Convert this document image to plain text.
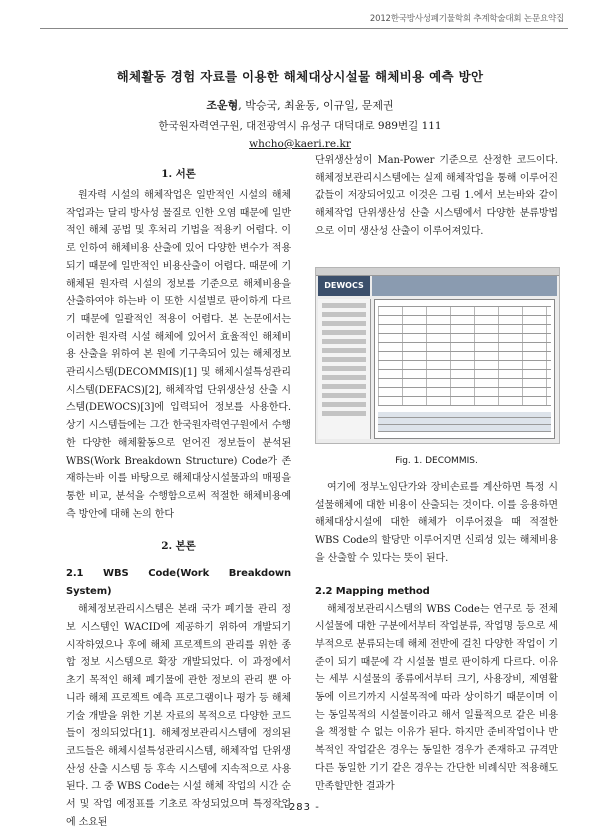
2012한국방사성폐기물학회 추계학술대회 논문요약집
해체활동 경험 자료를 이용한 해체대상시설물 해체비용 예측 방안
조운형, 박승국, 최윤동, 이규일, 문제권
한국원자력연구원, 대전광역시 유성구 대덕대로 989번길 111
whcho@kaeri.re.kr
1. 서론

원자력 시설의 해체작업은 일반적인 시설의 해체작업과는 달리 방사성 물질로 인한 오염 때문에 일반적인 해체 공법 및 후처리 기법을 적용키 어렵다. 이로 인하여 해체비용 산출에 있어 다양한 변수가 적용되기 때문에 일반적인 비용산출이 어렵다. 때문에 기해체된 원자력 시설의 정보를 기준으로 해체비용을 산출하여야 하는바 이 또한 시설별로 판이하게 다르기 때문에 일괄적인 적용이 어렵다. 본 논문에서는 이러한 원자력 시설 해체에 있어서 효율적인 해체비용 산출을 위하여 본 원에 기구축되어 있는 해체정보관리시스템(DECOMMIS)[1] 및 해체시설특성관리시스템(DEFACS)[2], 해체작업 단위생산성 산출 시스템(DEWOCS)[3]에 입력되어 정보를 사용한다. 상기 시스템들에는 그간 한국원자력연구원에서 수행한 다양한 해체활동으로 얻어진 정보들이 분석된 WBS(Work Breakdown Structure) Code가 존재하는바 이를 바탕으로 해체대상시설물과의 매핑을 통한 비교, 분석을 수행함으로써 적절한 해체비용예측 방안에 대해 논의 한다

2. 본론
2.1 WBS Code(Work Breakdown System)

해체정보관리시스템은 본래 국가 폐기물 관리 정보 시스템인 WACID에 제공하기 위하여 개발되기 시작하였으나 후에 해체 프로젝트의 관리를 위한 종합 정보 시스템으로 확장 개발되었다. 이 과정에서 초기 목적인 해체 폐기물에 관한 정보의 관리 뿐 아니라 해체 프로젝트 예측 프로그램이나 평가 등 해체 기술 개발을 위한 기본 자료의 목적으로 다양한 코드들이 정의되었다[1]. 해체정보관리시스템에 정의된 코드들은 해체시설특성관리시스템, 해체작업 단위생산성 산출 시스템 등 후속 시스템에 지속적으로 사용된다. 그 중 WBS Code는 시설 해체 작업의 시간 순서 및 작업 예정표를 기초로 작성되었으며 특정작업에 소요된

단위생산성이 Man-Power 기준으로 산정한 코드이다. 해체정보관리시스템에는 실제 해체작업을 통해 이루어진 값들이 저장되어있고 이것은 그림 1.에서 보는바와 같이 해체작업 단위생산성 산출 시스템에서 다양한 분류방법으로 이미 생산성 산출이 이루어져있다.

DEWOCS
Fig. 1. DECOMMIS.

여기에 정부노임단가와 장비손료를 계산하면 특정 시설물해체에 대한 비용이 산출되는 것이다. 이를 응용하면 해체대상시설에 대한 해체가 이루어졌을 때 적절한 WBS Code의 할당만 이루어지면 신뢰성 있는 해체비용을 산출할 수 있다는 뜻이 된다.

2.2 Mapping method

해체정보관리시스템의 WBS Code는 연구로 등 전체 시설물에 대한 구분에서부터 작업분류, 작업명 등으로 세부적으로 분류되는데 해체 전반에 걸친 다양한 작업이 기준이 되기 때문에 각 시설물 별로 판이하게 다르다. 이유는 세부 시설물의 종류에서부터 크기, 사용장비, 제염활동에 이르기까지 시설목적에 따라 상이하기 때문이며 이는 동일목적의 시설물이라고 해서 일률적으로 같은 비용을 책정할 수 없는 이유가 된다. 하지만 준비작업이나 반복적인 작업같은 경우는 동일한 경우가 존재하고 규격만 다른 동일한 기기 같은 경우는 간단한 비례식만 적용해도 만족할만한 결과가

- 283 -
